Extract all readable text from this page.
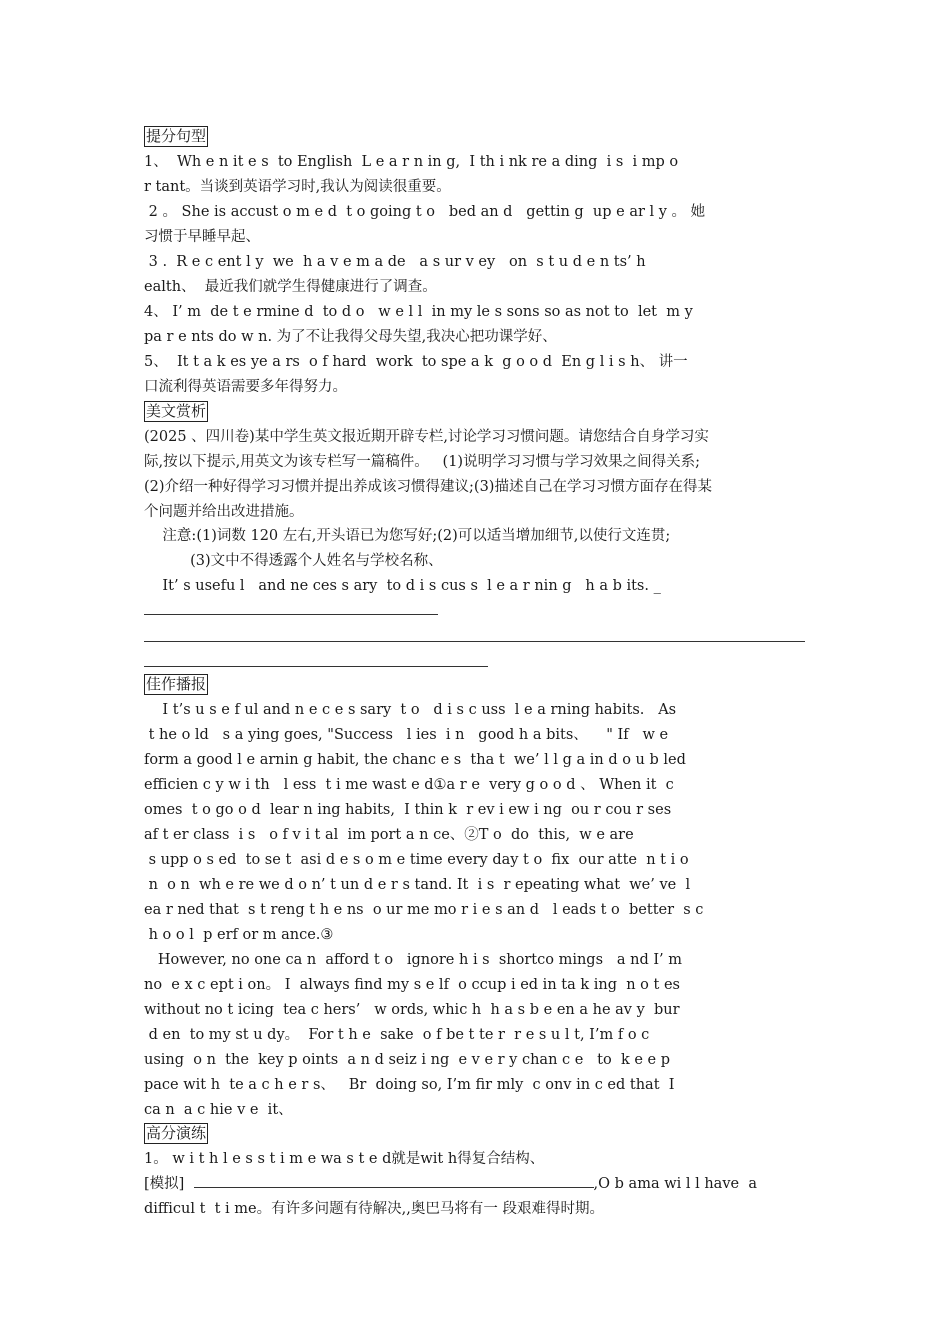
提分句型
1、  Wh e n it e s  to English  L e a r n in g,  I th i nk re a ding  i s  i mp o
r tant。当谈到英语学习时,我认为阅读很重要。
2 。 She is accust o m e d  t o going t o   bed an d   gettin g  up e ar l y 。 她
习惯于早睡早起、
3 .  R e c ent l y  we  h a v e m a de   a s ur v ey   on  s t u d e n ts’ h
ealth、  最近我们就学生得健康进行了调查。
4、 I’ m  de t e rmine d  to d o   w e l l  in my le s sons so as not to  let  m y
pa r e nts do w n. 为了不让我得父母失望,我决心把功课学好、
5、  It t a k es ye a rs  o f hard  work  to spe a k  g o o d  En g l i s h、 讲一
口流利得英语需要多年得努力。
美文赏析
(2025 、四川卷)某中学生英文报近期开辟专栏,讨论学习习惯问题。请您结合自身学习实
际,按以下提示,用英文为该专栏写一篇稿件。   (1)说明学习习惯与学习效果之间得关系;
(2)介绍一种好得学习习惯并提出养成该习惯得建议;(3)描述自己在学习习惯方面存在得某
个问题并给出改进措施。
注意:(1)词数 120 左右,开头语已为您写好;(2)可以适当增加细节,以使行文连贯;
(3)文中不得透露个人姓名与学校名称、
It’ s usefu l   and ne ces s ary  to d i s cus s  l e a r nin g   h a b its. _
佳作播报
I t’s u s e f ul and n e c e s sary  t o   d i s c uss  l e a rning habits.   As
t he o ld   s a ying goes, "Success   l ies  i n   good h a bits、    " If   w e
form a good l e arnin g habit, the chanc e s  tha t  we’ l l g a in d o u b led
efficien c y w i th   l ess  t i me wast e d①a r e  very g o o d 、 When it  c
omes  t o go o d  lear n ing habits,  I thin k  r ev i ew i ng  ou r cou r ses
af t er class  i s   o f v i t al  im port a n ce、②T o  do  this,  w e are
s upp o s ed  to se t  asi d e s o m e time every day t o  fix  our atte  n t i o
n  o n  wh e re we d o n’ t un d e r s tand. It  i s  r epeating what  we’ ve  l
ea r ned that  s t reng t h e ns  o ur me mo r i e s an d   l eads t o  better  s c
h o o l  p erf or m ance.③
However, no one ca n  afford t o   ignore h i s  shortco mings   a nd I’ m
no  e x c ept i on。 I  always find my s e lf  o ccup i ed in ta k ing  n o t es
without no t icing  tea c hers’   w ords, whic h  h a s b e en a he av y  bur
d en  to my st u dy。  For t h e  sake  o f be t te r  r e s u l t, I’m f o c
using  o n  the  key p oints  a n d seiz i ng  e v e r y chan c e   to  k e e p
pace wit h  te a c h e r s、   Br  doing so, I’m fir mly  c onv in c ed that  I
ca n  a c hie v e  it、
高分演练
1。 w i t h l e s s t i m e wa s t e d就是wit h得复合结构、
[模拟]	,O b ama wi l l have  a
difficul t  t i me。有许多问题有待解决,,奥巴马将有一 段艰难得时期。
